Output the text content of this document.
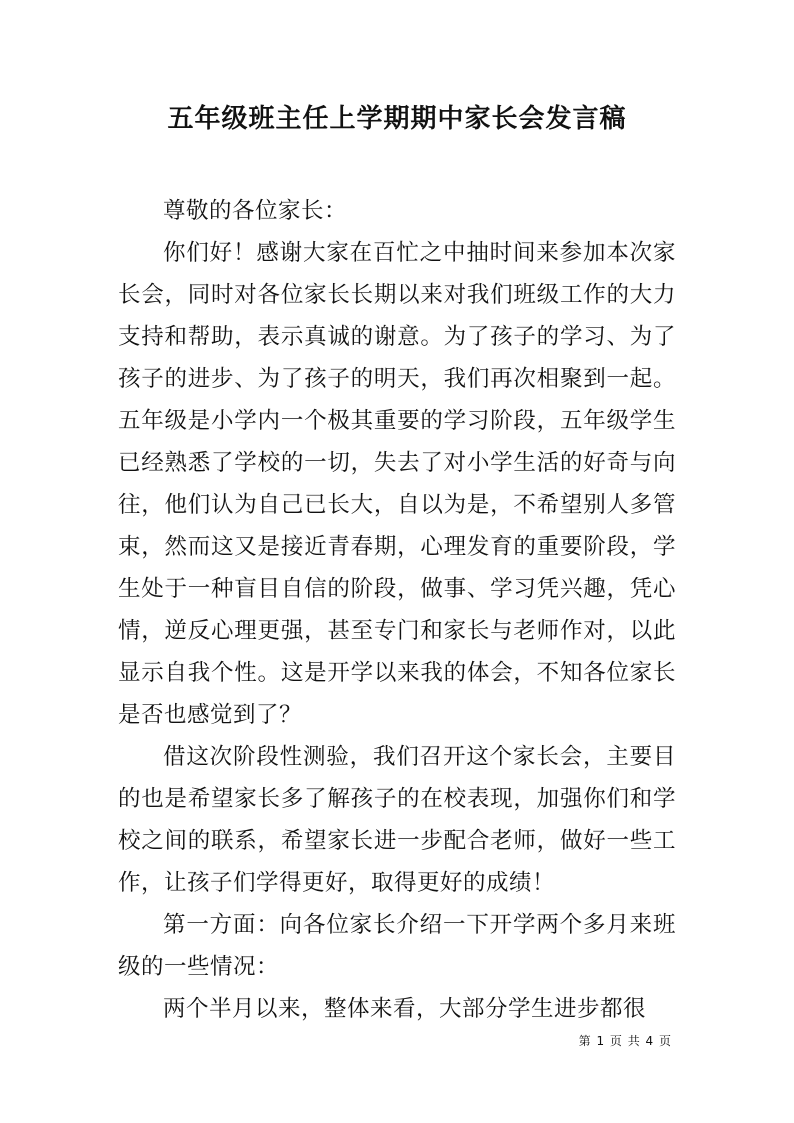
五年级班主任上学期期中家长会发言稿

尊敬的各位家长：

你们好！感谢大家在百忙之中抽时间来参加本次家长会，同时对各位家长长期以来对我们班级工作的大力支持和帮助，表示真诚的谢意。为了孩子的学习、为了孩子的进步、为了孩子的明天，我们再次相聚到一起。五年级是小学内一个极其重要的学习阶段，五年级学生已经熟悉了学校的一切，失去了对小学生活的好奇与向往，他们认为自己已长大，自以为是，不希望别人多管束，然而这又是接近青春期，心理发育的重要阶段，学生处于一种盲目自信的阶段，做事、学习凭兴趣，凭心情，逆反心理更强，甚至专门和家长与老师作对，以此显示自我个性。这是开学以来我的体会，不知各位家长是否也感觉到了？

借这次阶段性测验，我们召开这个家长会，主要目的也是希望家长多了解孩子的在校表现，加强你们和学校之间的联系，希望家长进一步配合老师，做好一些工作，让孩子们学得更好，取得更好的成绩！

第一方面：向各位家长介绍一下开学两个多月来班级的一些情况：

两个半月以来，整体来看，大部分学生进步都很

第 1 页 共 4 页
